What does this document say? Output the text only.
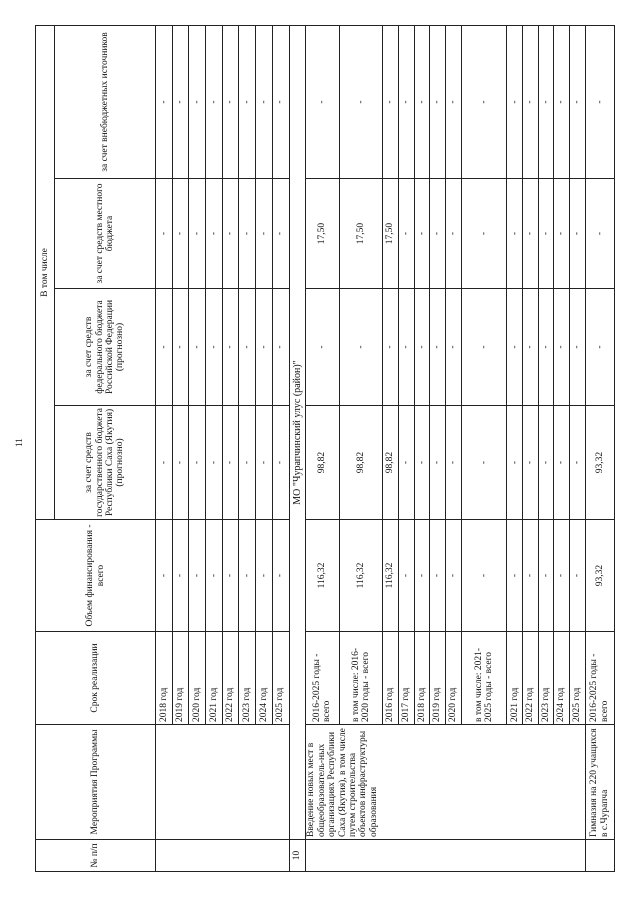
11
№ п/п	Мероприятия Программы	Срок реализации	Объем финансирования - всего	В том числе			
				за счет средств государственного бюджета Республики Саха (Якутия) (прогнозно)	за счет средств федерального бюджета Российской Федерации (прогнозно)	за счет средств местного бюджета	за счет внебюджетных источников
		2018 год	-	-	-	-	-
		2019 год	-	-	-	-	-
		2020 год	-	-	-	-	-
		2021 год	-	-	-	-	-
		2022 год	-	-	-	-	-
		2023 год	-	-	-	-	-
		2024 год	-	-	-	-	-
		2025 год	-	-	-	-	-
10	МО "Чурапчинский улус (район)"						
	Введение новых мест в общеобразователь-ных организациях Республики Саха (Якутия), в том числе путем строительства объектов инфраструктуры образования	2016-2025 годы - всего	116,32	98,82	-	17,50	-
		в том числе: 2016-2020 годы - всего	116,32	98,82	-	17,50	-
		2016 год	116,32	98,82	-	17,50	-
		2017 год	-	-	-	-	-
		2018 год	-	-	-	-	-
		2019 год	-	-	-	-	-
		2020 год	-	-	-	-	-
		в том числе: 2021-2025 годы - всего	-	-	-	-	-
		2021 год	-	-	-	-	-
		2022 год	-	-	-	-	-
		2023 год	-	-	-	-	-
		2024 год	-	-	-	-	-
		2025 год	-	-	-	-	-
	Гимназия на 220 учащихся в с.Чурапча	2016-2025 годы - всего	93,32	93,32	-	-	-
